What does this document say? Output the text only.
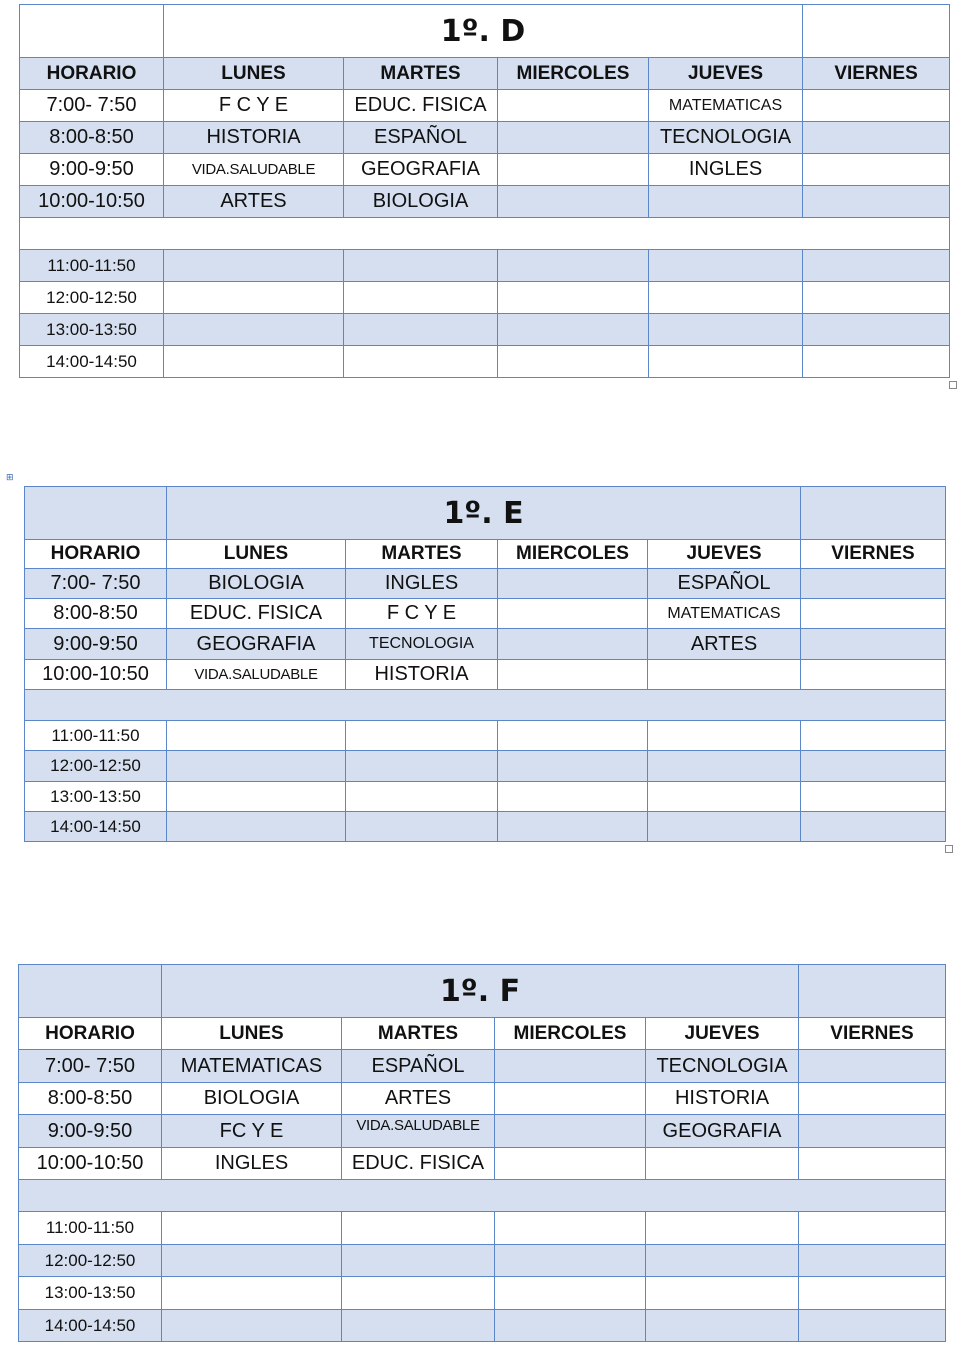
	1º. D				
HORARIO	LUNES	MARTES	MIERCOLES	JUEVES	VIERNES
7:00- 7:50	F C Y E	EDUC. FISICA		MATEMATICAS	
8:00-8:50	HISTORIA	ESPAÑOL		TECNOLOGIA	
9:00-9:50	VIDA.SALUDABLE	GEOGRAFIA		INGLES	
10:00-10:50	ARTES	BIOLOGIA			

11:00-11:50					
12:00-12:50					
13:00-13:50					
14:00-14:50					
⊞
	1º. E				
HORARIO	LUNES	MARTES	MIERCOLES	JUEVES	VIERNES
7:00- 7:50	BIOLOGIA	INGLES		ESPAÑOL	
8:00-8:50	EDUC. FISICA	F C Y E		MATEMATICAS	
9:00-9:50	GEOGRAFIA	TECNOLOGIA		ARTES	
10:00-10:50	VIDA.SALUDABLE	HISTORIA			

11:00-11:50					
12:00-12:50					
13:00-13:50					
14:00-14:50					
	1º. F				
HORARIO	LUNES	MARTES	MIERCOLES	JUEVES	VIERNES
7:00- 7:50	MATEMATICAS	ESPAÑOL		TECNOLOGIA	
8:00-8:50	BIOLOGIA	ARTES		HISTORIA	
9:00-9:50	FC Y E	VIDA.SALUDABLE		GEOGRAFIA	
10:00-10:50	INGLES	EDUC. FISICA			

11:00-11:50					
12:00-12:50					
13:00-13:50					
14:00-14:50					
